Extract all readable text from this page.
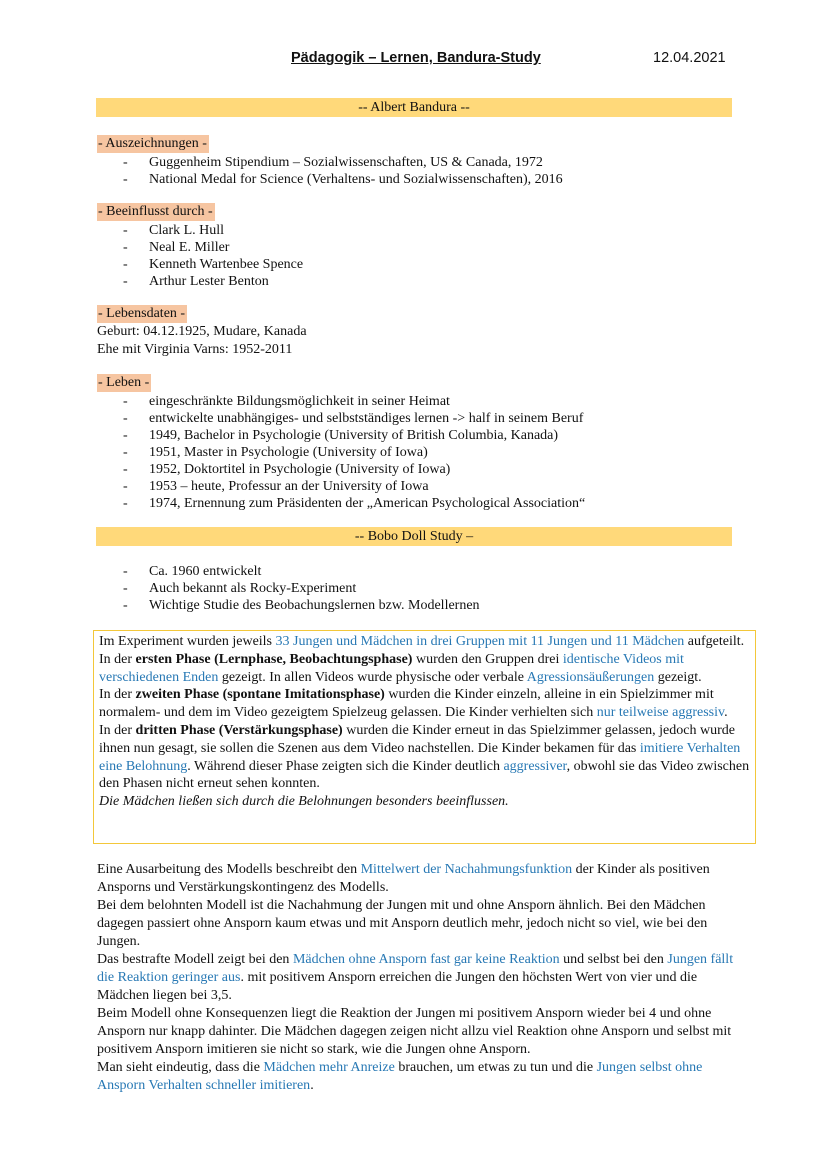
Pädagogik – Lernen, Bandura-Study	12.04.2021
-- Albert Bandura --
- Auszeichnungen -
- Guggenheim Stipendium – Sozialwissenschaften, US & Canada, 1972
- National Medal for Science (Verhaltens- und Sozialwissenschaften), 2016
- Beeinflusst durch -
- Clark L. Hull
- Neal E. Miller
- Kenneth Wartenbee Spence
- Arthur Lester Benton
- Lebensdaten -
Geburt: 04.12.1925, Mudare, Kanada
Ehe mit Virginia Varns: 1952-2011
- Leben -
- eingeschränkte Bildungsmöglichkeit in seiner Heimat
- entwickelte unabhängiges- und selbstständiges lernen -> half in seinem Beruf
- 1949, Bachelor in Psychologie (University of British Columbia, Kanada)
- 1951, Master in Psychologie (University of Iowa)
- 1952, Doktortitel in Psychologie (University of Iowa)
- 1953 – heute, Professur an der University of Iowa
- 1974, Ernennung zum Präsidenten der „American Psychological Association“
-- Bobo Doll Study –
- Ca. 1960 entwickelt
- Auch bekannt als Rocky-Experiment
- Wichtige Studie des Beobachungslernen bzw. Modellernen

Im Experiment wurden jeweils 33 Jungen und Mädchen in drei Gruppen mit 11 Jungen und 11 Mädchen aufgeteilt. In der ersten Phase (Lernphase, Beobachtungsphase) wurden den Gruppen drei identische Videos mit verschiedenen Enden gezeigt. In allen Videos wurde physische oder verbale Agressionsäußerungen gezeigt.

In der zweiten Phase (spontane Imitationsphase) wurden die Kinder einzeln, alleine in ein Spielzimmer mit normalem- und dem im Video gezeigtem Spielzeug gelassen. Die Kinder verhielten sich nur teilweise aggressiv.

In der dritten Phase (Verstärkungsphase) wurden die Kinder erneut in das Spielzimmer gelassen, jedoch wurde ihnen nun gesagt, sie sollen die Szenen aus dem Video nachstellen. Die Kinder bekamen für das imitiere Verhalten eine Belohnung. Während dieser Phase zeigten sich die Kinder deutlich aggressiver, obwohl sie das Video zwischen den Phasen nicht erneut sehen konnten.

Die Mädchen ließen sich durch die Belohnungen besonders beeinflussen.

Eine Ausarbeitung des Modells beschreibt den Mittelwert der Nachahmungsfunktion der Kinder als positiven Ansporns und Verstärkungskontingenz des Modells.

Bei dem belohnten Modell ist die Nachahmung der Jungen mit und ohne Ansporn ähnlich. Bei den Mädchen dagegen passiert ohne Ansporn kaum etwas und mit Ansporn deutlich mehr, jedoch nicht so viel, wie bei den Jungen.

Das bestrafte Modell zeigt bei den Mädchen ohne Ansporn fast gar keine Reaktion und selbst bei den Jungen fällt die Reaktion geringer aus. mit positivem Ansporn erreichen die Jungen den höchsten Wert von vier und die Mädchen liegen bei 3,5.

Beim Modell ohne Konsequenzen liegt die Reaktion der Jungen mi positivem Ansporn wieder bei 4 und ohne Ansporn nur knapp dahinter. Die Mädchen dagegen zeigen nicht allzu viel Reaktion ohne Ansporn und selbst mit positivem Ansporn imitieren sie nicht so stark, wie die Jungen ohne Ansporn.

Man sieht eindeutig, dass die Mädchen mehr Anreize brauchen, um etwas zu tun und die Jungen selbst ohne Ansporn Verhalten schneller imitieren.
